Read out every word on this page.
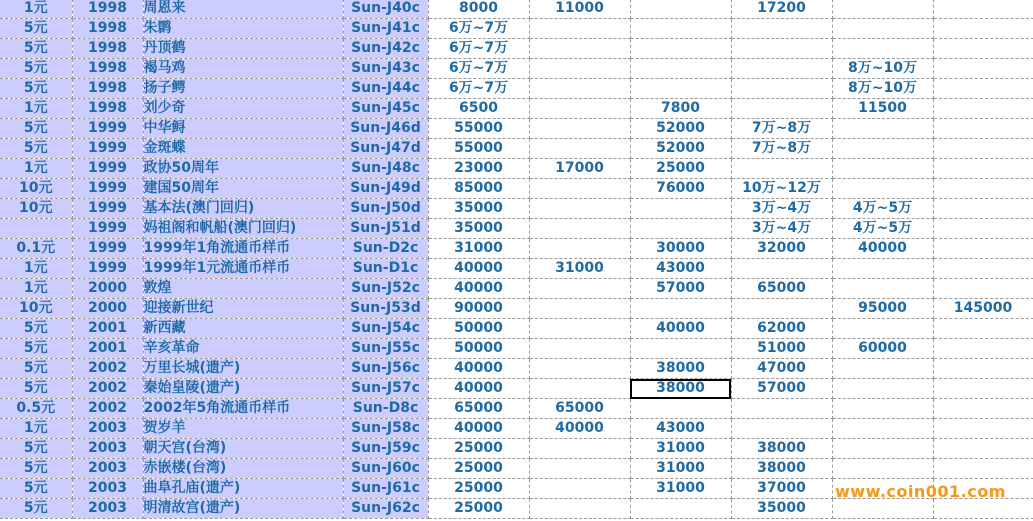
1元	1998	周恩来	Sun-J40c	8000	11000		17200		
5元	1998	朱鹮	Sun-J41c	6万~7万					
5元	1998	丹顶鹤	Sun-J42c	6万~7万					
5元	1998	褐马鸡	Sun-J43c	6万~7万				8万~10万	
5元	1998	扬子鳄	Sun-J44c	6万~7万				8万~10万	
1元	1998	刘少奇	Sun-J45c	6500		7800		11500	
5元	1999	中华鲟	Sun-J46d	55000		52000	7万~8万		
5元	1999	金斑蝶	Sun-J47d	55000		52000	7万~8万		
1元	1999	政协50周年	Sun-J48c	23000	17000	25000			
10元	1999	建国50周年	Sun-J49d	85000		76000	10万~12万		
10元	1999	基本法(澳门回归)	Sun-J50d	35000			3万~4万	4万~5万	
	1999	妈祖阁和帆船(澳门回归)	Sun-J51d	35000			3万~4万	4万~5万	
0.1元	1999	1999年1角流通币样币	Sun-D2c	31000		30000	32000	40000	
1元	1999	1999年1元流通币样币	Sun-D1c	40000	31000	43000			
1元	2000	敦煌	Sun-J52c	40000		57000	65000		
10元	2000	迎接新世纪	Sun-J53d	90000				95000	145000
5元	2001	新西藏	Sun-J54c	50000		40000	62000		
5元	2001	辛亥革命	Sun-J55c	50000			51000	60000	
5元	2002	万里长城(遗产)	Sun-J56c	40000		38000	47000		
5元	2002	秦始皇陵(遗产)	Sun-J57c	40000		38000	57000		
0.5元	2002	2002年5角流通币样币	Sun-D8c	65000	65000				
1元	2003	贺岁羊	Sun-J58c	40000	40000	43000			
5元	2003	朝天宫(台湾)	Sun-J59c	25000		31000	38000		
5元	2003	赤嵌楼(台湾)	Sun-J60c	25000		31000	38000		
5元	2003	曲阜孔庙(遗产)	Sun-J61c	25000		31000	37000		
5元	2003	明清故宫(遗产)	Sun-J62c	25000			35000		
www.coin001.com
